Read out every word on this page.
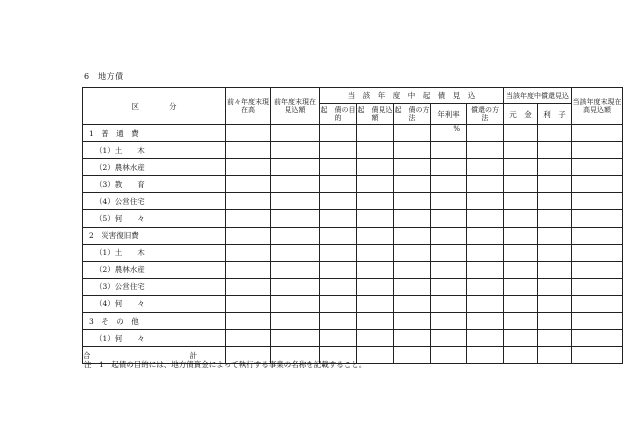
6　地方債
区　　　　分	前々年度末現在高	前年度末現在見込額	当　該　年　度　中　起　債　見　込					当該年度中償還見込		当該年度末現在高見込額
			起　債の目的	起　債見込額	起　債の方法	年利率	償還の方　法	元　金	利　子	
1　普　通　費						%				

（1）土　　木										
（2）農林水産										
（3）教　　育										
（4）公営住宅										
（5）何　　々										
2　災害復旧費										
（1）土　　木										
（2）農林水産										
（3）公営住宅										
（4）何　　々										
3　そ　の　他										
（1）何　　々										
合　　計										
注　1　起債の目的には、地方債資金によって執行する事業の名称を記載すること。
